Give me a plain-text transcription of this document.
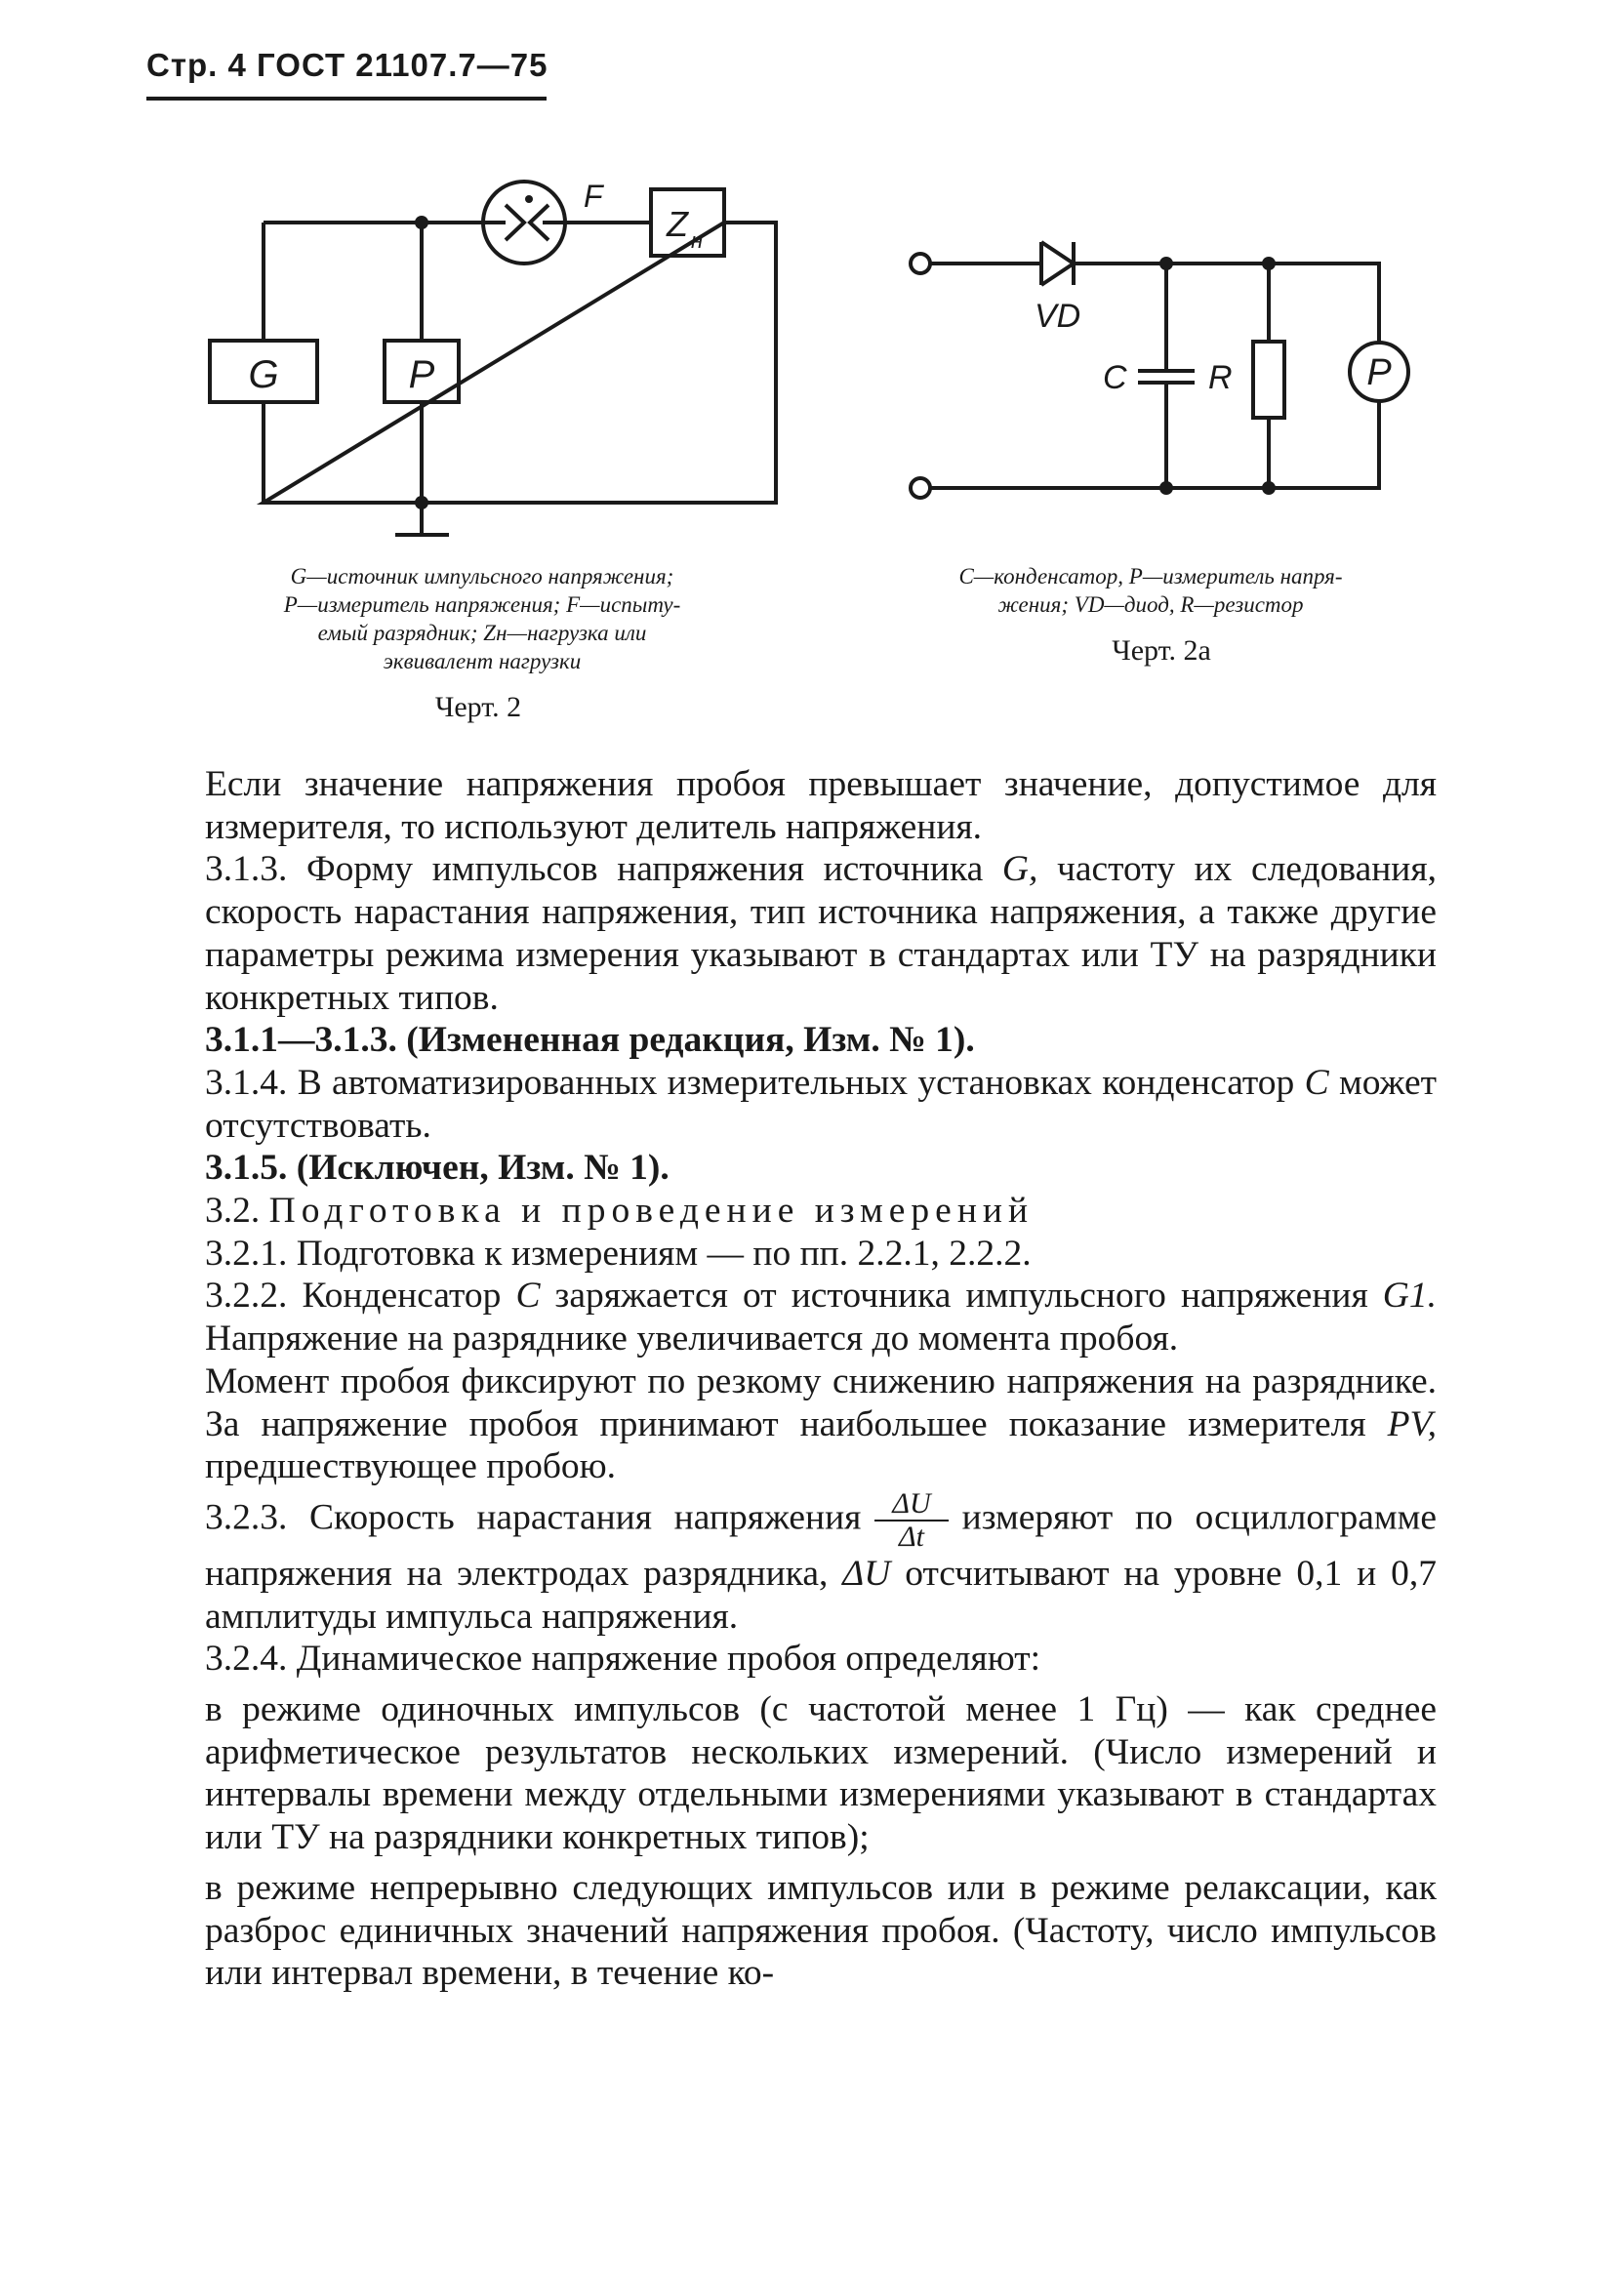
Стр. 4 ГОСТ 21107.7—75
G	P
F
Z н
VD
C R	P
G—источник импульсного напряжения;
P—измеритель напряжения; F—испыту-
емый разрядник; Zн—нагрузка или
эквивалент нагрузки
Черт. 2
C—конденсатор, P—измеритель напря-
жения; VD—диод, R—резистор
Черт. 2а

Если значение напряжения пробоя превышает значение, допустимое для измерителя, то используют делитель напряжения.

3.1.3. Форму импульсов напряжения источника G, частоту их следования, скорость нарастания напряжения, тип источника напряжения, а также другие параметры режима измерения указывают в стандартах или ТУ на разрядники конкретных типов.

3.1.1—3.1.3. (Измененная редакция, Изм. № 1).

3.1.4. В автоматизированных измерительных установках конденсатор C может отсутствовать.

3.1.5. (Исключен, Изм. № 1).

3.2. Подготовка и проведение измерений

3.2.1. Подготовка к измерениям — по пп. 2.2.1, 2.2.2.

3.2.2. Конденсатор C заряжается от источника импульсного напряжения G1. Напряжение на разряднике увеличивается до момента пробоя.

Момент пробоя фиксируют по резкому снижению напряжения на разряднике. За напряжение пробоя принимают наибольшее показание измерителя PV, предшествующее пробою.

3.2.3. Скорость нарастания напряжения $\frac{\Delta U}{\Delta t}$ измеряют по осциллограмме напряжения на электродах разрядника, ΔU отсчитывают на уровне 0,1 и 0,7 амплитуды импульса напряжения.

3.2.4. Динамическое напряжение пробоя определяют:

в режиме одиночных импульсов (с частотой менее 1 Гц) — как среднее арифметическое результатов нескольких измерений. (Число измерений и интервалы времени между отдельными измерениями указывают в стандартах или ТУ на разрядники конкретных типов);

в режиме непрерывно следующих импульсов или в режиме релаксации, как разброс единичных значений напряжения пробоя. (Частоту, число импульсов или интервал времени, в течение ко-
